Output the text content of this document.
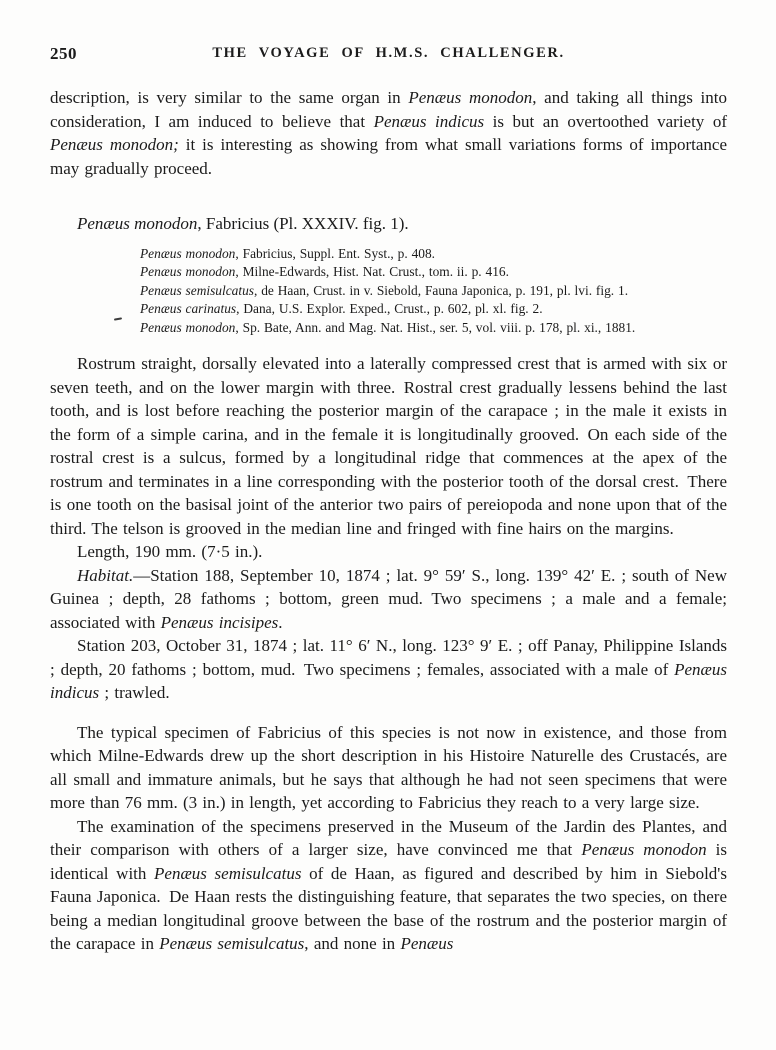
250	THE VOYAGE OF H.M.S. CHALLENGER.

description, is very similar to the same organ in Penæus monodon, and taking all things into consideration, I am induced to believe that Penæus indicus is but an overtoothed variety of Penæus monodon; it is interesting as showing from what small variations forms of importance may gradually proceed.

Penæus monodon, Fabricius (Pl. XXXIV. fig. 1).

Penæus monodon, Fabricius, Suppl. Ent. Syst., p. 408.

Penæus monodon, Milne-Edwards, Hist. Nat. Crust., tom. ii. p. 416.

Penæus semisulcatus, de Haan, Crust. in v. Siebold, Fauna Japonica, p. 191, pl. lvi. fig. 1.

Penæus carinatus, Dana, U.S. Explor. Exped., Crust., p. 602, pl. xl. fig. 2.

Penæus monodon, Sp. Bate, Ann. and Mag. Nat. Hist., ser. 5, vol. viii. p. 178, pl. xi., 1881.

Rostrum straight, dorsally elevated into a laterally compressed crest that is armed with six or seven teeth, and on the lower margin with three. Rostral crest gradually lessens behind the last tooth, and is lost before reaching the posterior margin of the carapace ; in the male it exists in the form of a simple carina, and in the female it is longitudinally grooved. On each side of the rostral crest is a sulcus, formed by a longitudinal ridge that commences at the apex of the rostrum and terminates in a line corresponding with the posterior tooth of the dorsal crest. There is one tooth on the basisal joint of the anterior two pairs of pereiopoda and none upon that of the third. The telson is grooved in the median line and fringed with fine hairs on the margins.

Length, 190 mm. (7·5 in.).

Habitat.—Station 188, September 10, 1874 ; lat. 9° 59′ S., long. 139° 42′ E. ; south of New Guinea ; depth, 28 fathoms ; bottom, green mud. Two specimens ; a male and a female; associated with Penæus incisipes.

Station 203, October 31, 1874 ; lat. 11° 6′ N., long. 123° 9′ E. ; off Panay, Philippine Islands ; depth, 20 fathoms ; bottom, mud. Two specimens ; females, associated with a male of Penæus indicus ; trawled.

The typical specimen of Fabricius of this species is not now in existence, and those from which Milne-Edwards drew up the short description in his Histoire Naturelle des Crustacés, are all small and immature animals, but he says that although he had not seen specimens that were more than 76 mm. (3 in.) in length, yet according to Fabricius they reach to a very large size.

The examination of the specimens preserved in the Museum of the Jardin des Plantes, and their comparison with others of a larger size, have convinced me that Penæus monodon is identical with Penæus semisulcatus of de Haan, as figured and described by him in Siebold's Fauna Japonica. De Haan rests the distinguishing feature, that separates the two species, on there being a median longitudinal groove between the base of the rostrum and the posterior margin of the carapace in Penæus semisulcatus, and none in Penæus
